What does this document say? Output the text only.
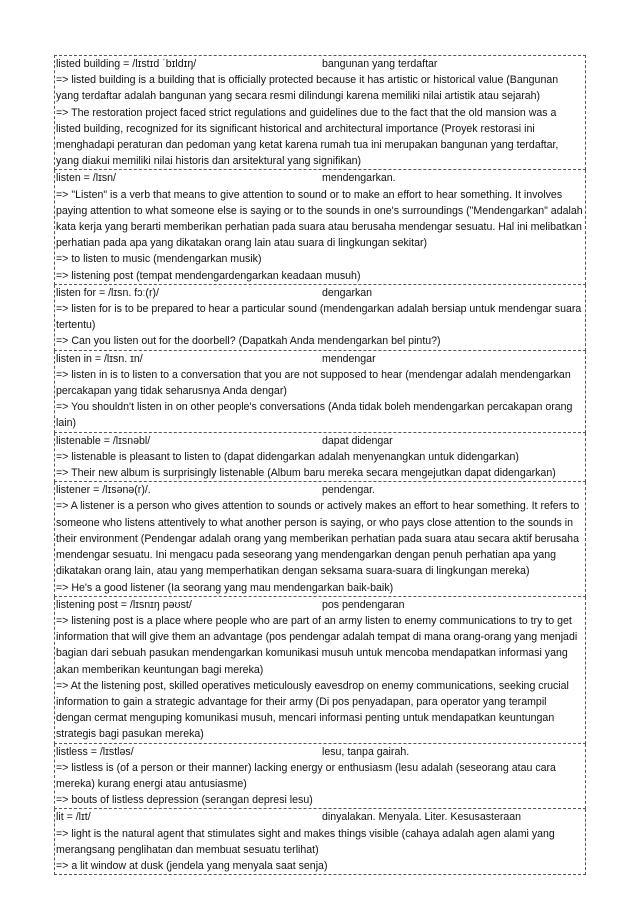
listed building = /lɪstɪd ˈbɪldɪŋ/	bangunan yang terdaftar
=> listed building is a building that is officially protected because it has artistic or historical value (Bangunan yang terdaftar adalah bangunan yang secara resmi dilindungi karena memiliki nilai artistik atau sejarah)
=> The restoration project faced strict regulations and guidelines due to the fact that the old mansion was a listed building, recognized for its significant historical and architectural importance (Proyek restorasi ini menghadapi peraturan dan pedoman yang ketat karena rumah tua ini merupakan bangunan yang terdaftar, yang diakui memiliki nilai historis dan arsitektural yang signifikan)
listen = /lɪsn/	mendengarkan.
=> "Listen" is a verb that means to give attention to sound or to make an effort to hear something. It involves paying attention to what someone else is saying or to the sounds in one's surroundings ("Mendengarkan" adalah kata kerja yang berarti memberikan perhatian pada suara atau berusaha mendengar sesuatu. Hal ini melibatkan perhatian pada apa yang dikatakan orang lain atau suara di lingkungan sekitar)
=> to listen to music (mendengarkan musik)
=> listening post (tempat mendengardengarkan keadaan musuh)
listen for = /lɪsn. fɔː(r)/	dengarkan
=> listen for is to be prepared to hear a particular sound (mendengarkan adalah bersiap untuk mendengar suara tertentu)
=> Can you listen out for the doorbell? (Dapatkah Anda mendengarkan bel pintu?)
listen in = /lɪsn. ɪn/	mendengar
=> listen in is to listen to a conversation that you are not supposed to hear (mendengar adalah mendengarkan percakapan yang tidak seharusnya Anda dengar)
=> You shouldn't listen in on other people's conversations (Anda tidak boleh mendengarkan percakapan orang lain)
listenable = /lɪsnəbl/	dapat didengar
=> listenable is pleasant to listen to (dapat didengarkan adalah menyenangkan untuk didengarkan)
=> Their new album is surprisingly listenable (Album baru mereka secara mengejutkan dapat didengarkan)
listener = /lɪsənə(r)/.	pendengar.
=> A listener is a person who gives attention to sounds or actively makes an effort to hear something. It refers to someone who listens attentively to what another person is saying, or who pays close attention to the sounds in their environment (Pendengar adalah orang yang memberikan perhatian pada suara atau secara aktif berusaha mendengar sesuatu. Ini mengacu pada seseorang yang mendengarkan dengan penuh perhatian apa yang dikatakan orang lain, atau yang memperhatikan dengan seksama suara-suara di lingkungan mereka)
=> He's a good listener (Ia seorang yang mau mendengarkan baik-baik)
listening post = /lɪsnɪŋ pəʊst/	pos pendengaran
=> listening post is a place where people who are part of an army listen to enemy communications to try to get information that will give them an advantage (pos pendengar adalah tempat di mana orang-orang yang menjadi bagian dari sebuah pasukan mendengarkan komunikasi musuh untuk mencoba mendapatkan informasi yang akan memberikan keuntungan bagi mereka)
=> At the listening post, skilled operatives meticulously eavesdrop on enemy communications, seeking crucial information to gain a strategic advantage for their army (Di pos penyadapan, para operator yang terampil dengan cermat menguping komunikasi musuh, mencari informasi penting untuk mendapatkan keuntungan strategis bagi pasukan mereka)
listless = /lɪstləs/	lesu, tanpa gairah.
=> listless is (of a person or their manner) lacking energy or enthusiasm (lesu adalah (seseorang atau cara mereka) kurang energi atau antusiasme)
=> bouts of listless depression (serangan depresi lesu)
lit = /lɪt/	dinyalakan. Menyala. Liter. Kesusasteraan
=> light is the natural agent that stimulates sight and makes things visible (cahaya adalah agen alami yang merangsang penglihatan dan membuat sesuatu terlihat)
=> a lit window at dusk (jendela yang menyala saat senja)
